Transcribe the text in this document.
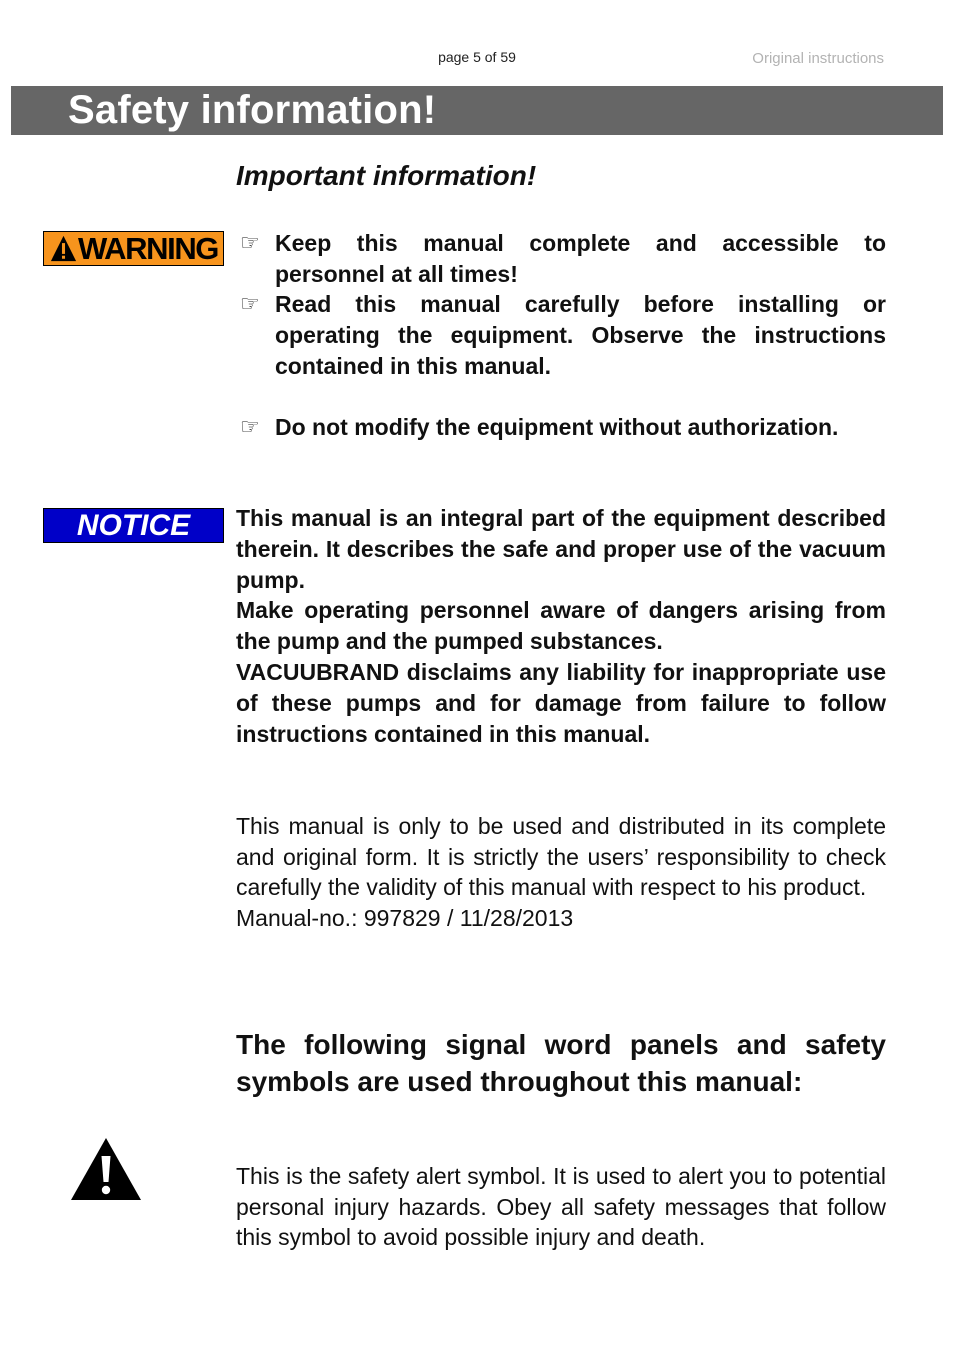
page 5 of 59	Original instructions
Safety information!
Important information!
WARNING ☞ Keep this manual complete and accessible to personnel at all times!
☞ Read this manual carefully before installing or operating the equipment. Observe the instructions contained in this manual.
☞ Do not modify the equipment without authorization.
NOTICE	This manual is an integral part of the equipment described therein. It describes the safe and proper use of the vacuum pump.

Make operating personnel aware of dangers arising from the pump and the pumped substances.

VACUUBRAND disclaims any liability for inappropriate use of these pumps and for damage from failure to follow instructions contained in this manual.

This manual is only to be used and distributed in its complete and original form. It is strictly the users’ responsibility to check carefully the validity of this manual with respect to his product.

Manual-no.: 997829 / 11/28/2013

The following signal word panels and safety symbols are used throughout this manual:

This is the safety alert symbol. It is used to alert you to potential personal injury hazards. Obey all safety messages that follow this symbol to avoid possible injury and death.
